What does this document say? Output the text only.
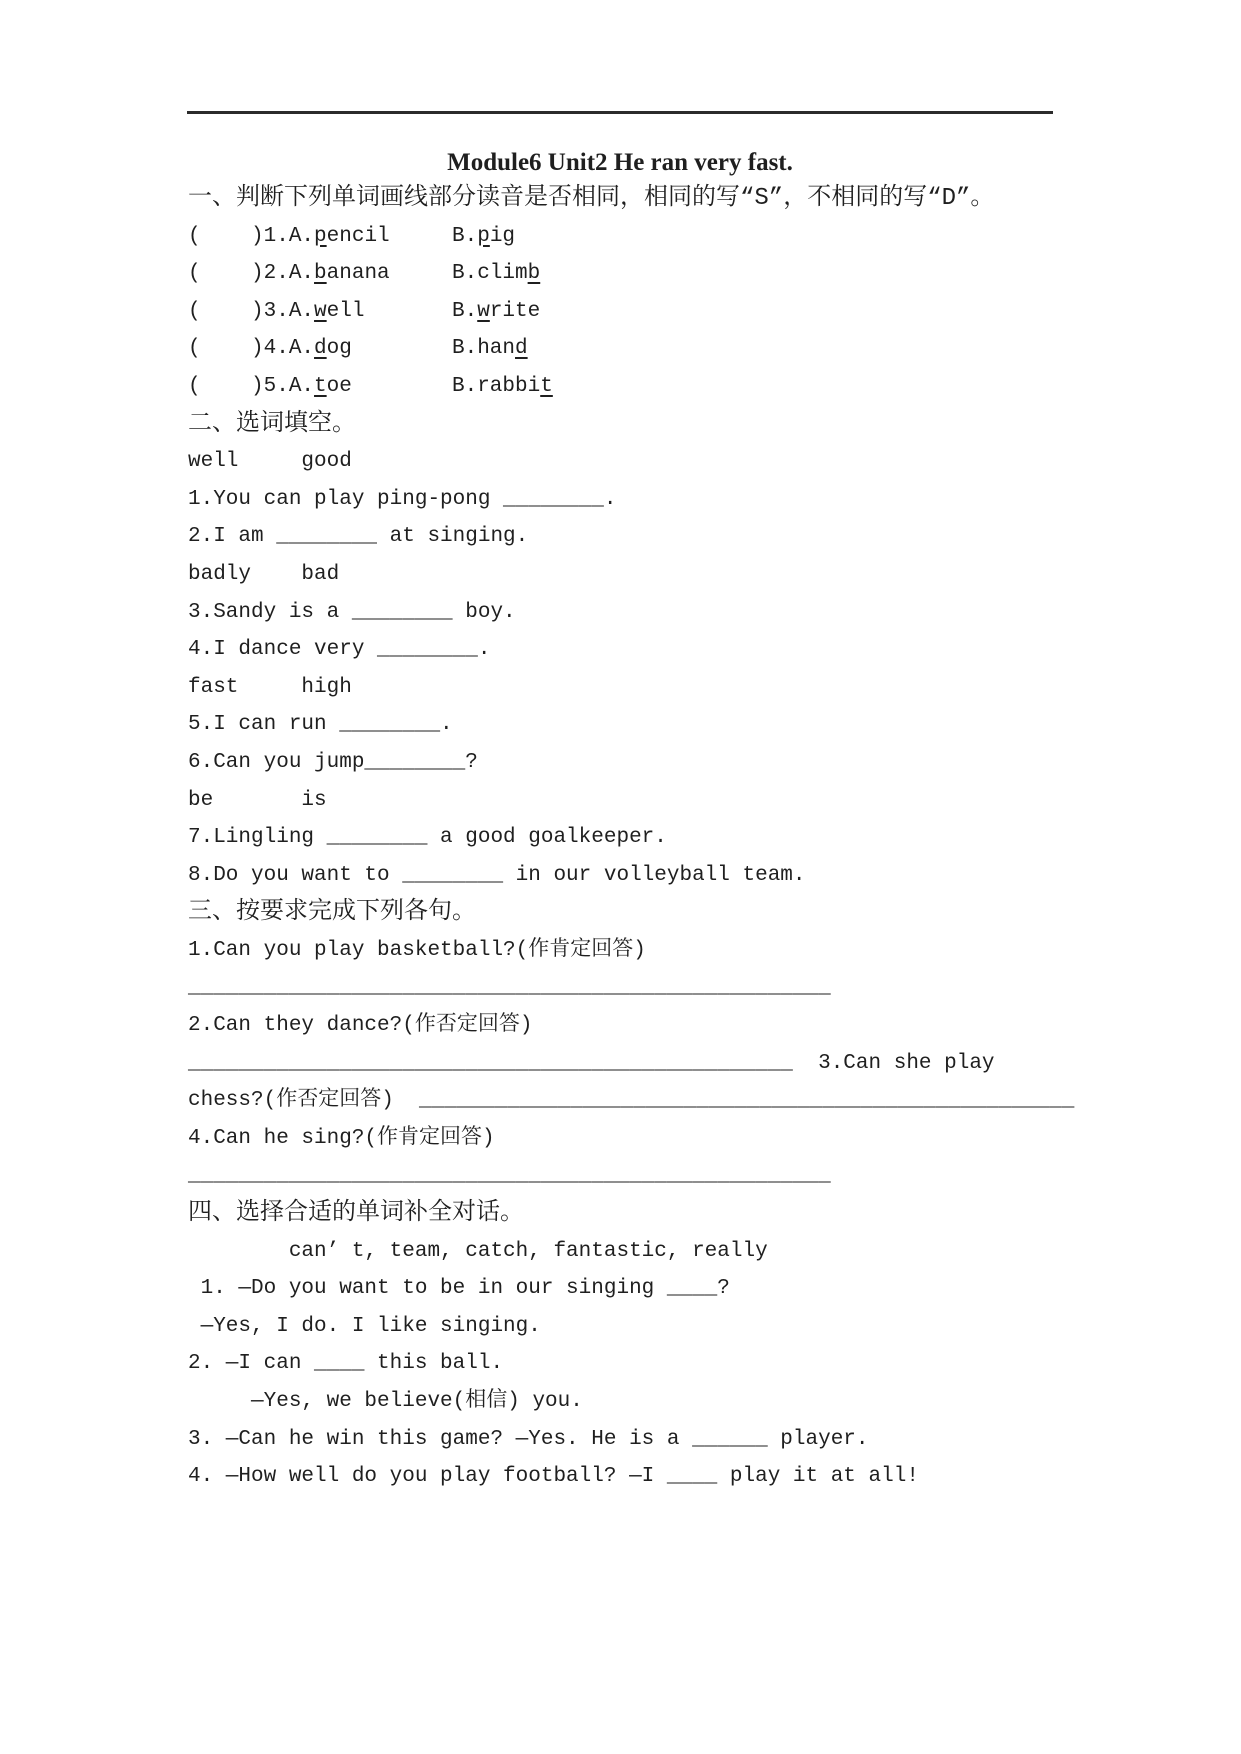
Module6 Unit2 He ran very fast.
一、判断下列单词画线部分读音是否相同，相同的写“S”，不相同的写“D”。
(    )1.A.pencil	B.pig
(    )2.A.banana	B.climb
(    )3.A.well	B.write
(    )4.A.dog	B.hand
(    )5.A.toe	B.rabbit
二、选词填空。
well     good
1.You can play ping-pong ________.
2.I am ________ at singing.
badly    bad
3.Sandy is a ________ boy.
4.I dance very ________.
fast     high
5.I can run ________.
6.Can you jump________?
be       is
7.Lingling ________ a good goalkeeper.
8.Do you want to ________ in our volleyball team.
三、按要求完成下列各句。
1.Can you play basketball?(作肯定回答)
___________________________________________________
2.Can they dance?(作否定回答)
________________________________________________  3.Can she play
chess?(作否定回答)  ____________________________________________________
4.Can he sing?(作肯定回答)
___________________________________________________
四、选择合适的单词补全对话。
can’ t, team, catch, fantastic, really
1. —Do you want to be in our singing ____?
—Yes, I do. I like singing.
2. —I can ____ this ball.
—Yes, we believe(相信) you.
3. —Can he win this game? —Yes. He is a ______ player.
4. —How well do you play football? —I ____ play it at all!
